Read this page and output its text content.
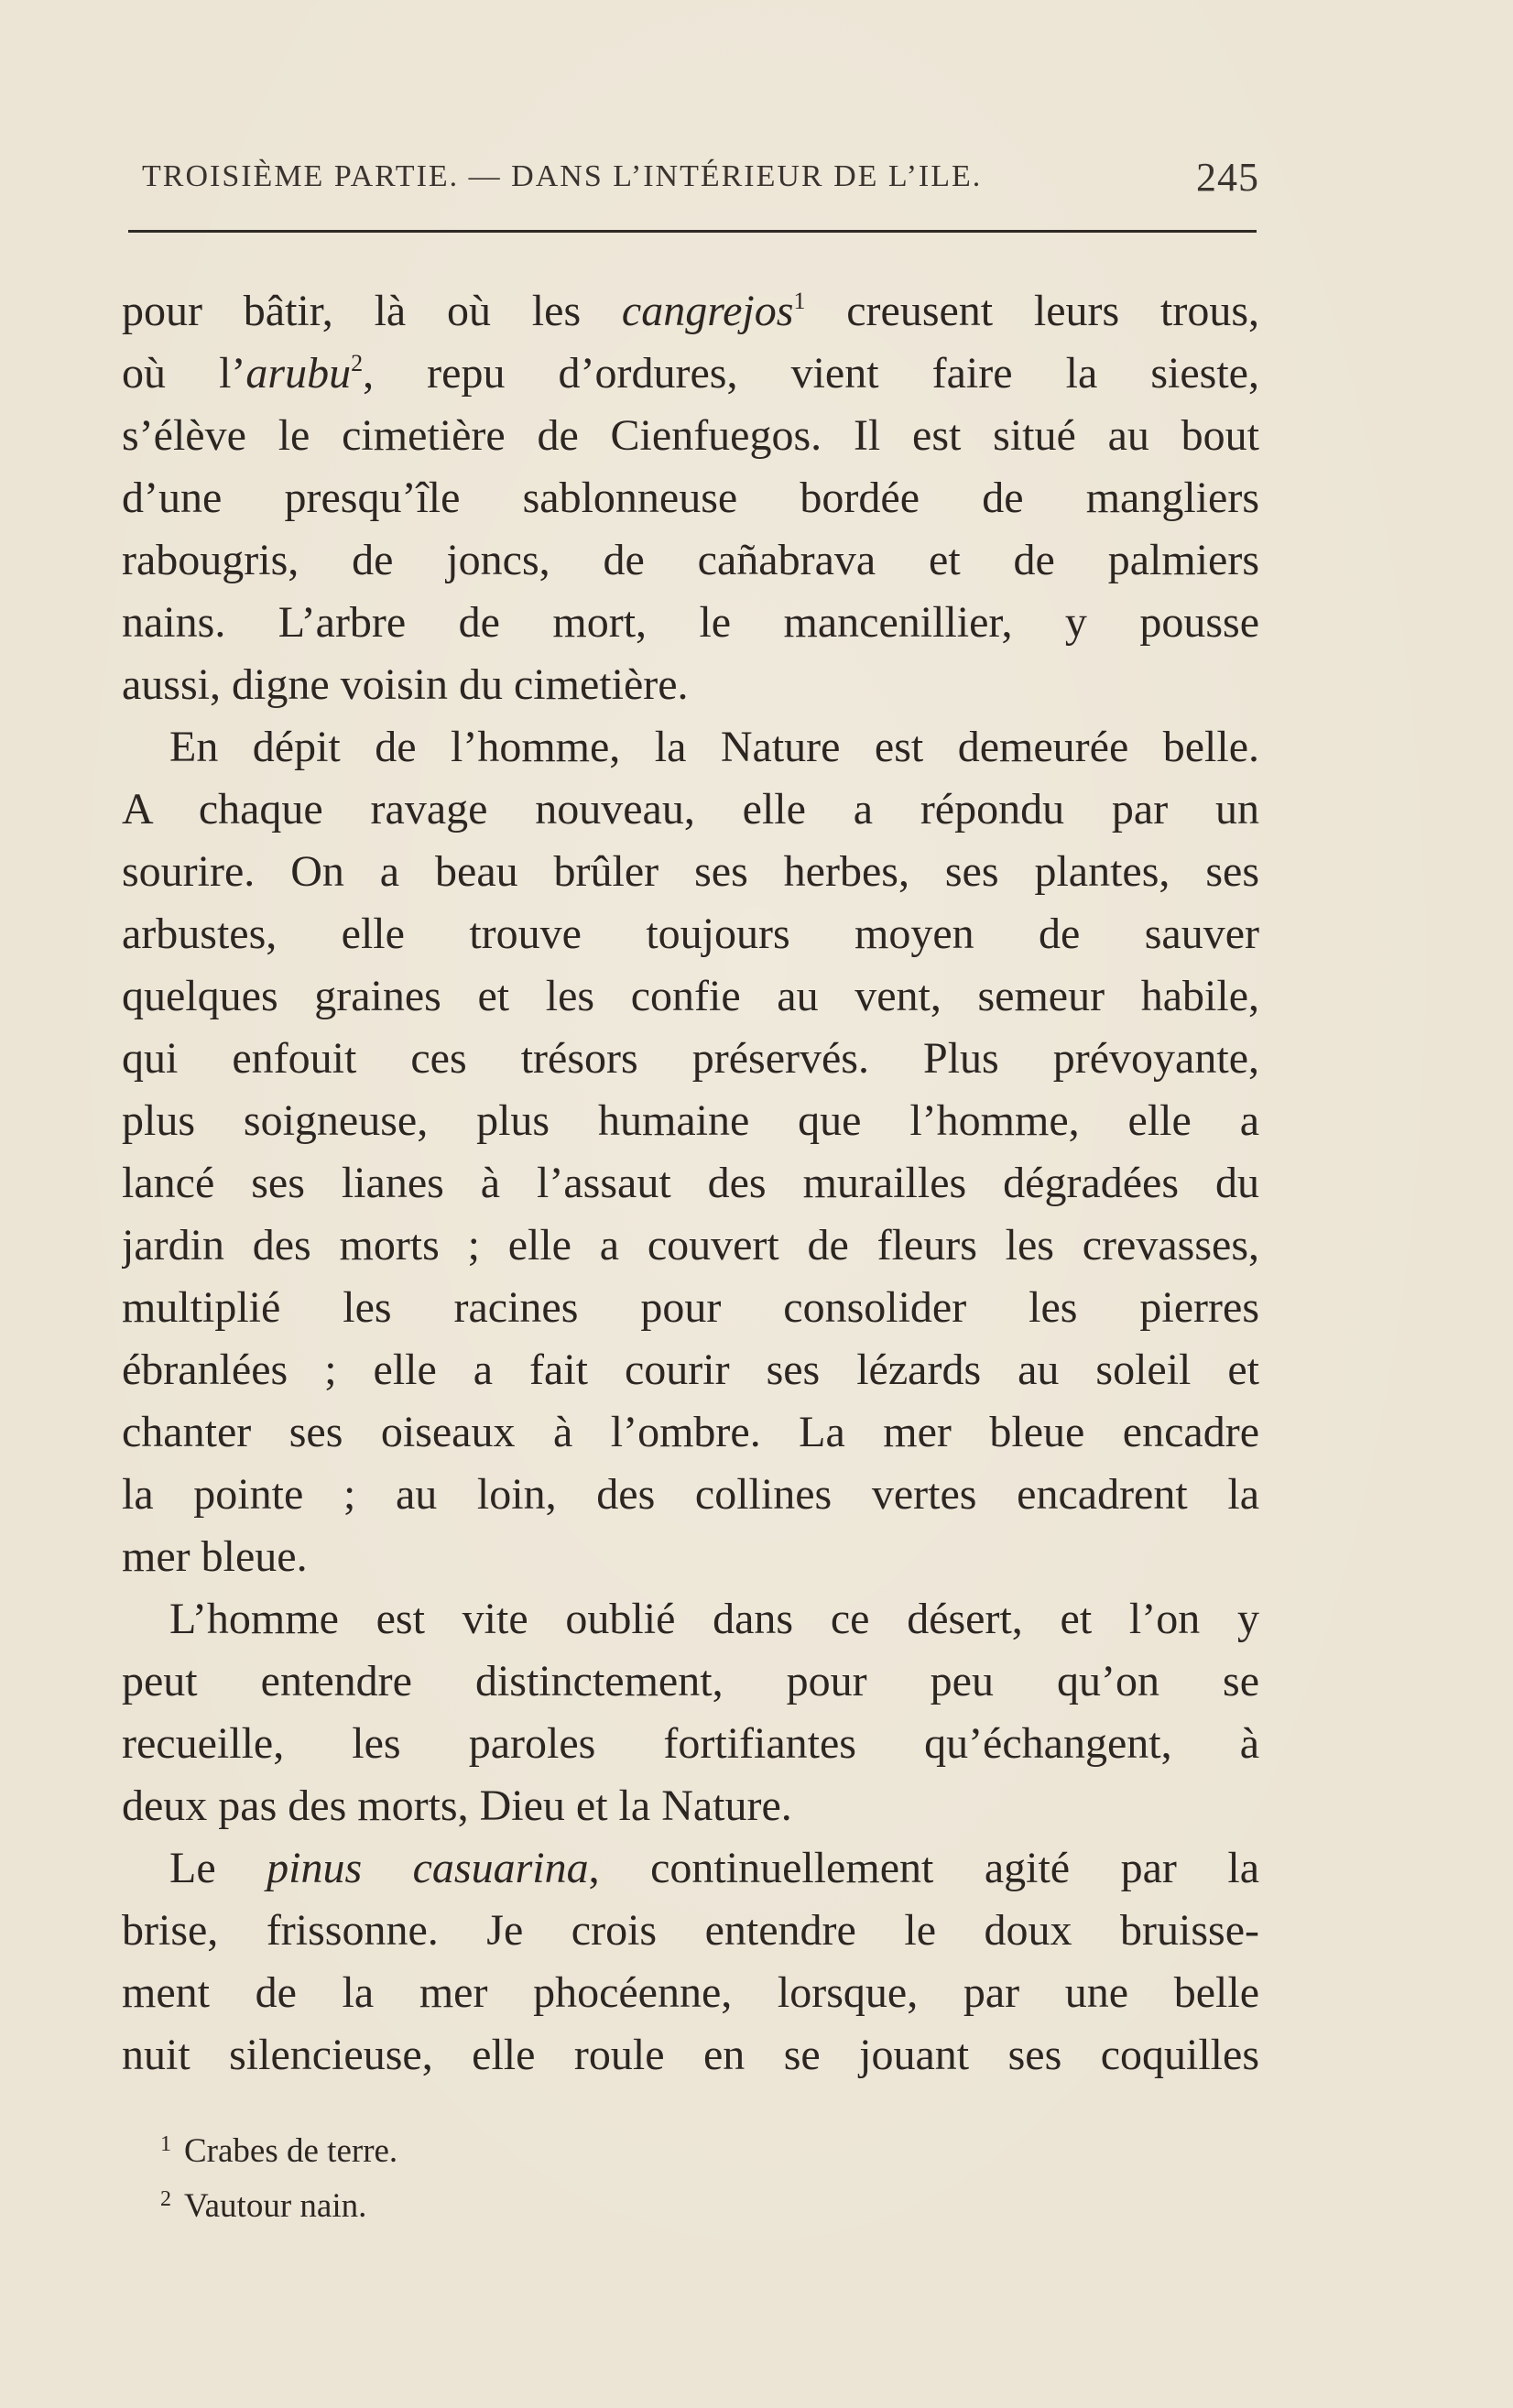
TROISIÈME PARTIE. — DANS L’INTÉRIEUR DE L’ILE.	245
pour bâtir, là où les cangrejos$^1$ creusent leurs trous,
où l’arubu$^2$, repu d’ordures, vient faire la sieste,
s’élève le cimetière de Cienfuegos. Il est situé au bout
d’une presqu’île sablonneuse bordée de mangliers
rabougris, de joncs, de cañabrava et de palmiers
nains. L’arbre de mort, le mancenillier, y pousse
aussi, digne voisin du cimetière.
En dépit de l’homme, la Nature est demeurée belle.
A chaque ravage nouveau, elle a répondu par un
sourire. On a beau brûler ses herbes, ses plantes, ses
arbustes, elle trouve toujours moyen de sauver
quelques graines et les confie au vent, semeur habile,
qui enfouit ces trésors préservés. Plus prévoyante,
plus soigneuse, plus humaine que l’homme, elle a
lancé ses lianes à l’assaut des murailles dégradées du
jardin des morts ; elle a couvert de fleurs les crevasses,
multiplié les racines pour consolider les pierres
ébranlées ; elle a fait courir ses lézards au soleil et
chanter ses oiseaux à l’ombre. La mer bleue encadre
la pointe ; au loin, des collines vertes encadrent la
mer bleue.
L’homme est vite oublié dans ce désert, et l’on y
peut entendre distinctement, pour peu qu’on se
recueille, les paroles fortifiantes qu’échangent, à
deux pas des morts, Dieu et la Nature.
Le pinus casuarina, continuellement agité par la
brise, frissonne. Je crois entendre le doux bruisse-
ment de la mer phocéenne, lorsque, par une belle
nuit silencieuse, elle roule en se jouant ses coquilles
$^1$ Crabes de terre.
$^2$ Vautour nain.
